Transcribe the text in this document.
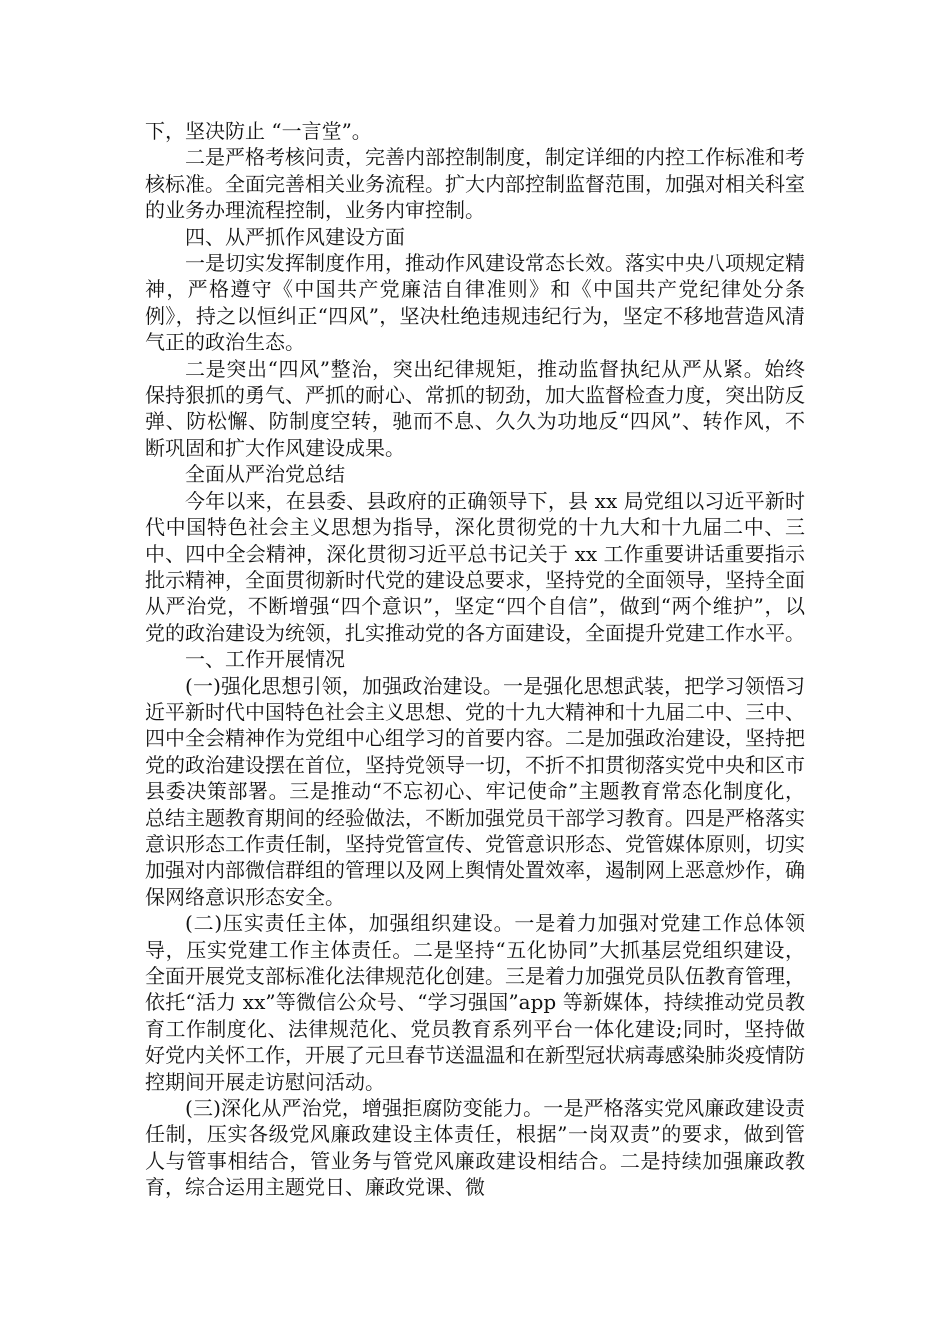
下，坚决防止 “一言堂”。

二是严格考核问责，完善内部控制制度，制定详细的内控工作标准和考核标准。全面完善相关业务流程。扩大内部控制监督范围，加强对相关科室的业务办理流程控制，业务内审控制。

四、从严抓作风建设方面

一是切实发挥制度作用，推动作风建设常态长效。落实中央八项规定精神，严格遵守《中国共产党廉洁自律准则》和《中国共产党纪律处分条例》，持之以恒纠正“四风”，坚决杜绝违规违纪行为，坚定不移地营造风清气正的政治生态。

二是突出“四风”整治，突出纪律规矩，推动监督执纪从严从紧。始终保持狠抓的勇气、严抓的耐心、常抓的韧劲，加大监督检查力度，突出防反弹、防松懈、防制度空转，驰而不息、久久为功地反“四风”、转作风，不断巩固和扩大作风建设成果。

全面从严治党总结

今年以来，在县委、县政府的正确领导下，县 xx 局党组以习近平新时代中国特色社会主义思想为指导，深化贯彻党的十九大和十九届二中、三中、四中全会精神，深化贯彻习近平总书记关于 xx 工作重要讲话重要指示批示精神，全面贯彻新时代党的建设总要求，坚持党的全面领导，坚持全面从严治党，不断增强“四个意识”，坚定“四个自信”，做到“两个维护”，以党的政治建设为统领，扎实推动党的各方面建设，全面提升党建工作水平。

一、工作开展情况

(一)强化思想引领，加强政治建设。一是强化思想武装，把学习领悟习近平新时代中国特色社会主义思想、党的十九大精神和十九届二中、三中、四中全会精神作为党组中心组学习的首要内容。二是加强政治建设，坚持把党的政治建设摆在首位，坚持党领导一切，不折不扣贯彻落实党中央和区市县委决策部署。三是推动“不忘初心、牢记使命”主题教育常态化制度化，总结主题教育期间的经验做法，不断加强党员干部学习教育。四是严格落实意识形态工作责任制，坚持党管宣传、党管意识形态、党管媒体原则，切实加强对内部微信群组的管理以及网上舆情处置效率，遏制网上恶意炒作，确保网络意识形态安全。

(二)压实责任主体，加强组织建设。一是着力加强对党建工作总体领导，压实党建工作主体责任。二是坚持“五化协同”大抓基层党组织建设，全面开展党支部标准化法律规范化创建。三是着力加强党员队伍教育管理，依托“活力 xx”等微信公众号、“学习强国”app 等新媒体，持续推动党员教育工作制度化、法律规范化、党员教育系列平台一体化建设;同时，坚持做好党内关怀工作，开展了元旦春节送温温和在新型冠状病毒感染肺炎疫情防控期间开展走访慰问活动。

(三)深化从严治党，增强拒腐防变能力。一是严格落实党风廉政建设责任制，压实各级党风廉政建设主体责任，根据”一岗双责”的要求，做到管人与管事相结合，管业务与管党风廉政建设相结合。二是持续加强廉政教育，综合运用主题党日、廉政党课、微
